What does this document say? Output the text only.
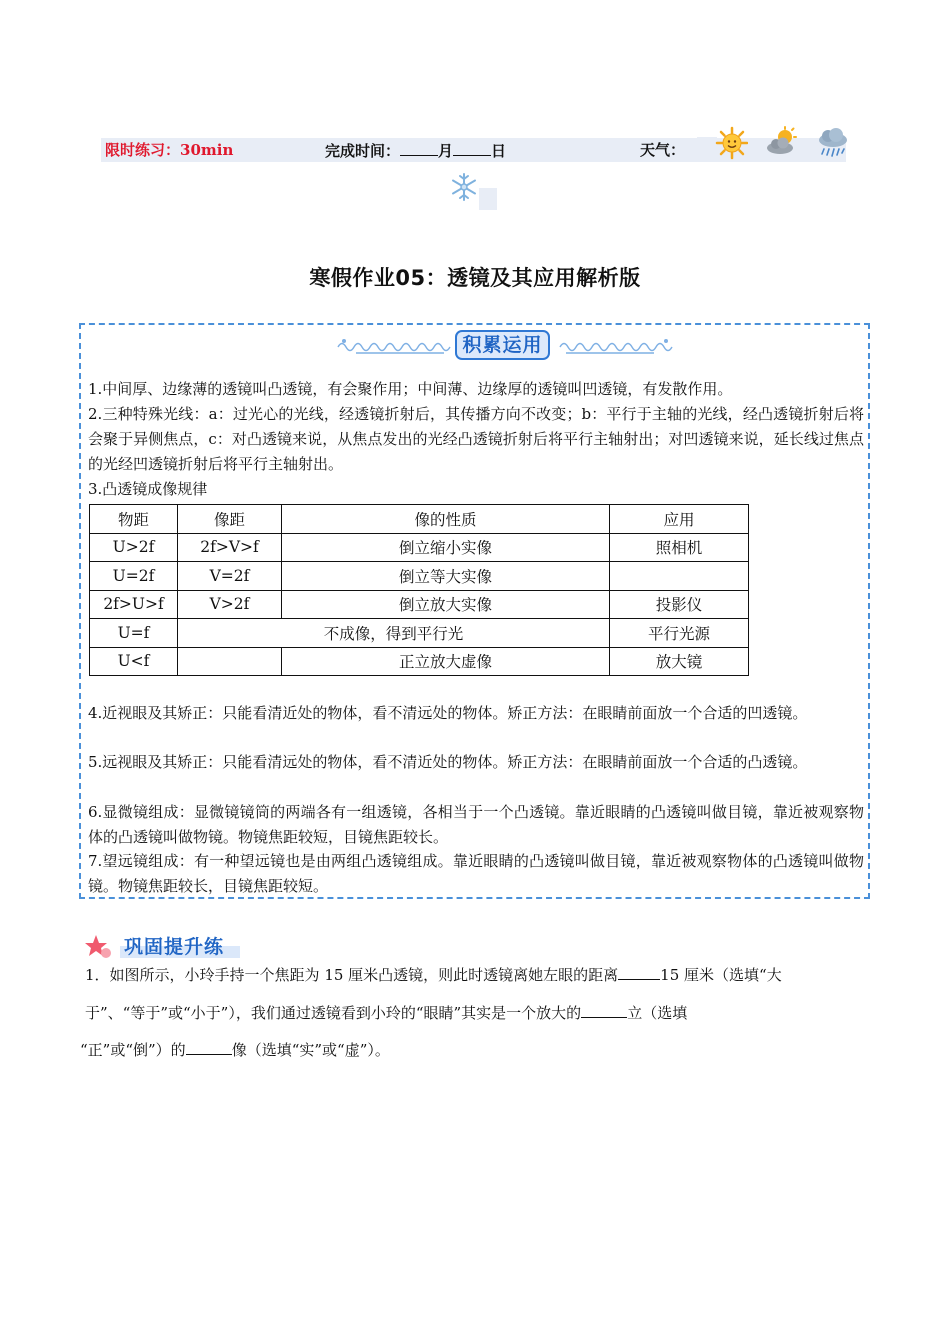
限时练习：30min	完成时间：	月	日	天气：
寒假作业05：透镜及其应用解析版
积累运用
1.中间厚、边缘薄的透镜叫凸透镜，有会聚作用；中间薄、边缘厚的透镜叫凹透镜，有发散作用。
2.三种特殊光线：a：过光心的光线，经透镜折射后，其传播方向不改变；b：平行于主轴的光线，经凸透镜折射后将会聚于异侧焦点，c：对凸透镜来说，从焦点发出的光经凸透镜折射后将平行主轴射出；对凹透镜来说，延长线过焦点的光经凹透镜折射后将平行主轴射出。
3.凸透镜成像规律
物距	像距	像的性质	应用
U>2f	2f>V>f	倒立缩小实像	照相机
U=2f	V=2f	倒立等大实像	
2f>U>f	V>2f	倒立放大实像	投影仪
U=f	不成像，得到平行光		平行光源
U<f		正立放大虚像	放大镜
4.近视眼及其矫正：只能看清近处的物体，看不清远处的物体。矫正方法：在眼睛前面放一个合适的凹透镜。
5.远视眼及其矫正：只能看清远处的物体，看不清近处的物体。矫正方法：在眼睛前面放一个合适的凸透镜。
6.显微镜组成：显微镜镜筒的两端各有一组透镜，各相当于一个凸透镜。靠近眼睛的凸透镜叫做目镜，靠近被观察物体的凸透镜叫做物镜。物镜焦距较短，目镜焦距较长。
7.望远镜组成：有一种望远镜也是由两组凸透镜组成。靠近眼睛的凸透镜叫做目镜，靠近被观察物体的凸透镜叫做物镜。物镜焦距较长，目镜焦距较短。
巩固提升练
1．如图所示，小玲手持一个焦距为 15 厘米凸透镜，则此时透镜离她左眼的距离	15 厘米（选填“大
于”、“等于”或“小于”），我们通过透镜看到小玲的“眼睛”其实是一个放大的	立（选填
“正”或“倒”）的	像（选填“实”或“虚”）。
